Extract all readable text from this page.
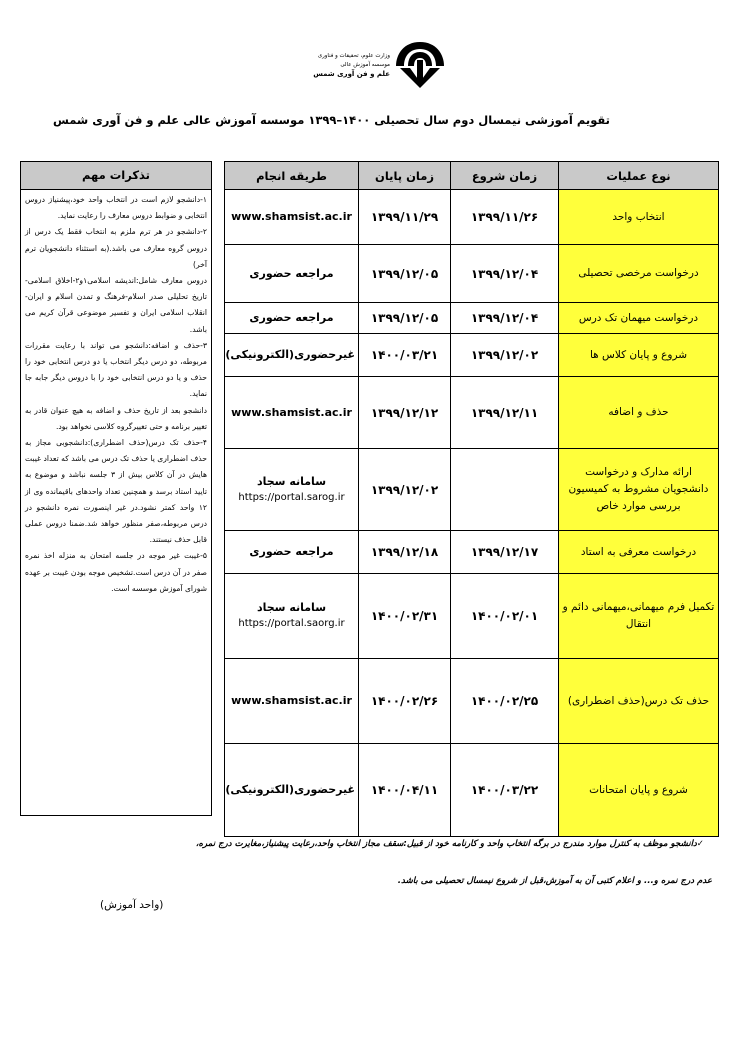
وزارت علوم، تحقیقات و فناوری
موسسه آموزش عالی
علم و فن آوری شمس
تقویم آموزشی نیمسال دوم سال تحصیلی ۱۴۰۰–۱۳۹۹ موسسه آموزش عالی علم و فن آوری شمس
نوع عملیات	زمان شروع	زمان پایان	طریقه انجام
انتخاب واحد	۱۳۹۹/۱۱/۲۶	۱۳۹۹/۱۱/۲۹	www.shamsist.ac.ir
درخواست مرخصی تحصیلی	۱۳۹۹/۱۲/۰۴	۱۳۹۹/۱۲/۰۵	مراجعه حضوری
درخواست میهمان تک درس	۱۳۹۹/۱۲/۰۴	۱۳۹۹/۱۲/۰۵	مراجعه حضوری
شروع و پایان کلاس ها	۱۳۹۹/۱۲/۰۲	۱۴۰۰/۰۳/۲۱	غیرحضوری(الکترونیکی)
حذف و اضافه	۱۳۹۹/۱۲/۱۱	۱۳۹۹/۱۲/۱۲	www.shamsist.ac.ir
ارائه مدارک و درخواست دانشجویان مشروط به کمیسیون بررسی موارد خاص		۱۳۹۹/۱۲/۰۲	سامانه سجاد
https://portal.sarog.ir

درخواست معرفی به استاد	۱۳۹۹/۱۲/۱۷	۱۳۹۹/۱۲/۱۸	مراجعه حضوری
تکمیل فرم میهمانی،میهمانی دائم و انتقال	۱۴۰۰/۰۲/۰۱	۱۴۰۰/۰۲/۳۱	سامانه سجاد
https://portal.saorg.ir

حذف تک درس(حذف اضطراری)	۱۴۰۰/۰۲/۲۵	۱۴۰۰/۰۲/۲۶	www.shamsist.ac.ir
شروع و پایان امتحانات	۱۴۰۰/۰۳/۲۲	۱۴۰۰/۰۴/۱۱	غیرحضوری(الکترونیکی)
تذکرات مهم

۱-دانشجو لازم است در انتخاب واحد خود،پیشنیاز دروس انتخابی و ضوابط دروس معارف را رعایت نماید.

۲-دانشجو در هر ترم ملزم به انتخاب فقط یک درس از دروس گروه معارف می باشد.(به استثناء دانشجویان ترم آخر)

دروس معارف شامل:اندیشه اسلامی۱و۲-اخلاق اسلامی-تاریخ تحلیلی صدر اسلام-فرهنگ و تمدن اسلام و ایران-انقلاب اسلامی ایران و تفسیر موضوعی قرآن کریم می باشد.

۳-حذف و اضافه:دانشجو می تواند با رعایت مقررات مربوطه، دو درس دیگر انتخاب یا دو درس انتخابی خود را حذف و یا دو درس انتخابی خود را با دروس دیگر جابه جا نماید.

دانشجو بعد از تاریخ حذف و اضافه به هیچ عنوان قادر به تغییر برنامه و حتی تغییرگروه کلاسی نخواهد بود.

۴-حذف تک درس(حذف اضطراری):دانشجوبی مجاز به حذف اضطراری یا حذف تک درس می باشد که تعداد غیبت هایش در آن کلاس بیش از ۳ جلسه نباشد و موضوع به تایید استاد برسد و همچنین تعداد واحدهای باقیمانده وی از ۱۲ واحد کمتر نشود.در غیر اینصورت نمره دانشجو در درس مربوطه،صفر منظور خواهد شد.ضمنا دروس عملی قابل حذف نیستند.

۵-غیبت غیر موجه در جلسه امتحان به منزله اخذ نمره صفر در آن درس است.تشخیص موجه بودن غیبت بر عهده شورای آموزش موسسه است.

✓دانشجو موظف به کنترل موارد مندرج در برگه انتخاب واحد و کارنامه خود از قبیل:سقف مجاز انتخاب واحد،رعایت پیشنیاز،مغایرت درج نمره،
عدم درج نمره و... و اعلام کتبی آن به آموزش،قبل از شروع نیمسال تحصیلی می باشد.
(واحد آموزش)
